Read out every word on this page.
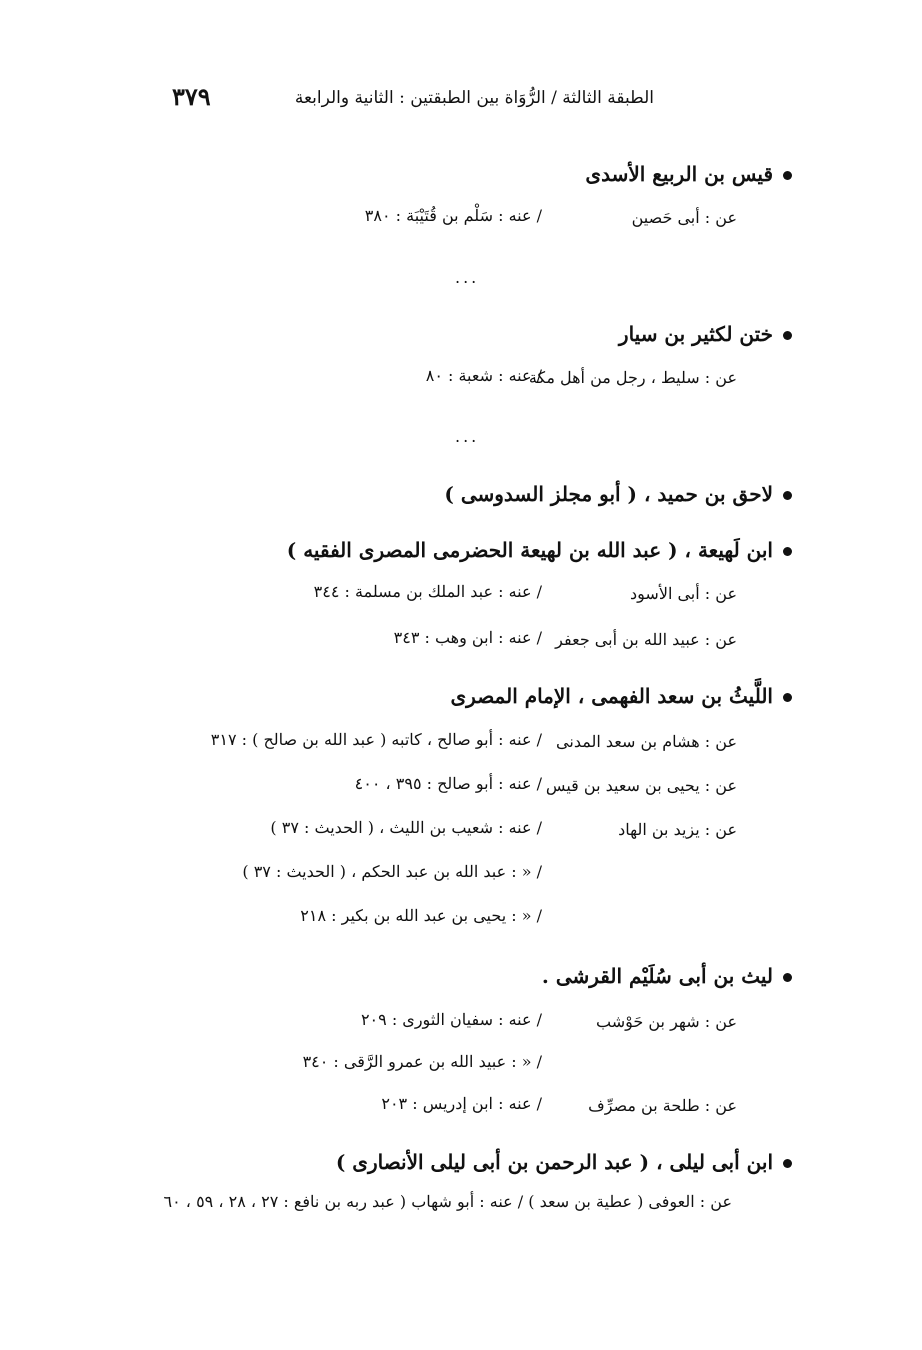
٣٧٩	الطبقة الثالثة / الرُّوَاة بين الطبقتين : الثانية والرابعة
قيس بن الربيع الأسدى
عن : أبى حَصين
/ عنه : سَلْم بن قُتَيْبَة : ٣٨٠
...
ختن لكثير بن سيار
عن : سليط ، رجل من أهل مكة
/ عنه : شعبة : ٨٠
...
لاحق بن حميد ، ( أبو مجلز السدوسى )
ابن لَهيعة ، ( عبد الله بن لهيعة الحضرمى المصرى الفقيه )
عن : أبى الأسود
/ عنه : عبد الملك بن مسلمة : ٣٤٤
عن : عبيد الله بن أبى جعفر
/ عنه : ابن وهب : ٣٤٣
اللَّيثُ بن سعد الفهمى ، الإمام المصرى
عن : هشام بن سعد المدنى
/ عنه : أبو صالح ، كاتبه ( عبد الله بن صالح ) : ٣١٧
عن : يحيى بن سعيد بن قيس
/ عنه : أبو صالح : ٣٩٥ ، ٤٠٠
عن : يزيد بن الهاد
/ عنه : شعيب بن الليث ، ( الحديث : ٣٧ )
/ « : عبد الله بن عبد الحكم ، ( الحديث : ٣٧ )
/ « : يحيى بن عبد الله بن بكير : ٢١٨
ليث بن أبى سُلَيْم القرشى .
عن : شهر بن حَوْشب
/ عنه : سفيان الثورى : ٢٠٩
/ « : عبيد الله بن عمرو الرَّقى : ٣٤٠
عن : طلحة بن مصرِّف
/ عنه : ابن إدريس : ٢٠٣
ابن أبى ليلى ، ( عبد الرحمن بن أبى ليلى الأنصارى )
عن : العوفى ( عطية بن سعد ) / عنه : أبو شهاب ( عبد ربه بن نافع : ٢٧ ، ٢٨ ، ٥٩ ، ٦٠
